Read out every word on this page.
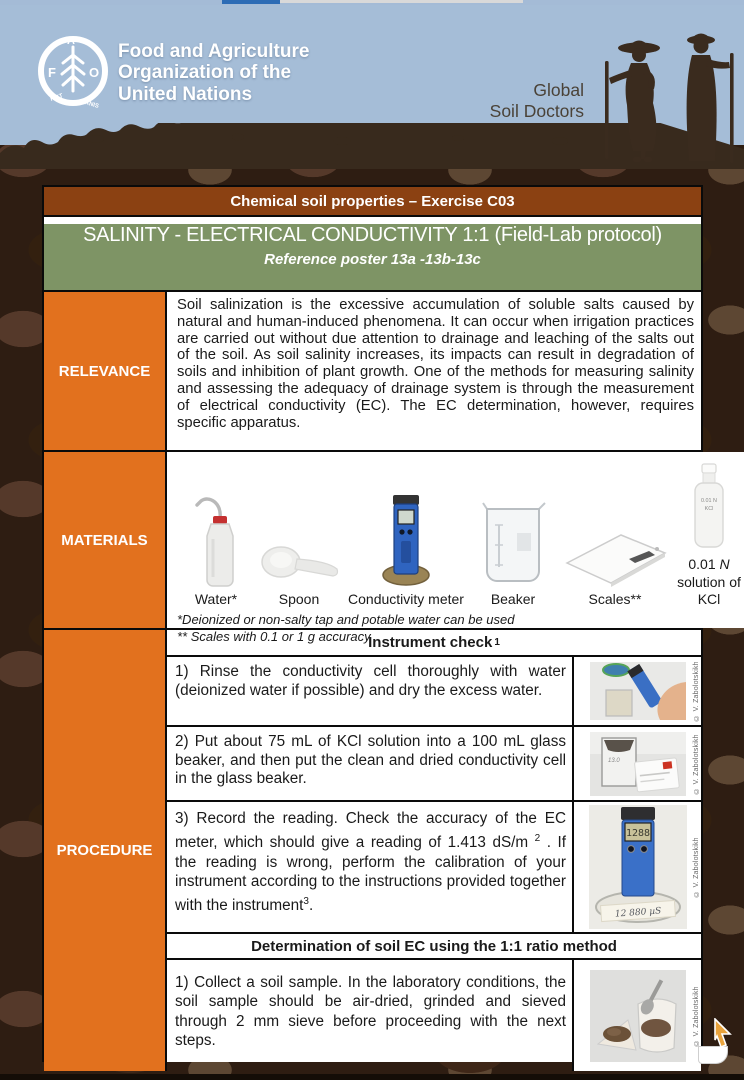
F
A
O
FIAT
PANIS
Food and Agriculture
Organization of the
United Nations	Global
Soil Doctors
Chemical soil properties – Exercise C03
SALINITY - ELECTRICAL CONDUCTIVITY 1:1 (Field-Lab protocol)
Reference poster 13a -13b-13c
RELEVANCE

Soil salinization is the excessive accumulation of soluble salts caused by natural and human-induced phenomena. It can occur when irrigation practices are carried out without due attention to drainage and leaching of the salts out of the soil. As soil salinity increases, its impacts can result in degradation of soils and inhibition of plant growth. One of the methods for measuring salinity and assessing the adequacy of drainage system is through the measurement of electrical conductivity (EC). The EC determination, however, requires specific apparatus.

MATERIALS
Water*	Spoon Conductivity meter Beaker	Scales**
0.01 N
KCl
0.01 N solution of KCl
*Deionized or non-salty tap and potable water can be used
** Scales with 0.1 or 1 g accuracy
PROCEDURE
Instrument check 1
1) Rinse the conductivity cell thoroughly with water (deionized water if possible) and dry the excess water.	© V. Zabolotskikh
2) Put about 75 mL of KCl solution into a 100 mL glass beaker, and then put the clean and dried conductivity cell in the glass beaker.
13.0	© V. Zabolotskikh
3) Record the reading. Check the accuracy of the EC meter, which should give a reading of 1.413 dS/m $^2$ . If the reading is wrong, perform the calibration of your instrument according to the instructions provided together with the instrument$^3$.
1288
12 880 µS
© V. Zabolotskikh
Determination of soil EC using the 1:1 ratio method
1) Collect a soil sample. In the laboratory conditions, the soil sample should be air-dried, grinded and sieved through 2 mm sieve before proceeding with the next steps.	© V. Zabolotskikh
